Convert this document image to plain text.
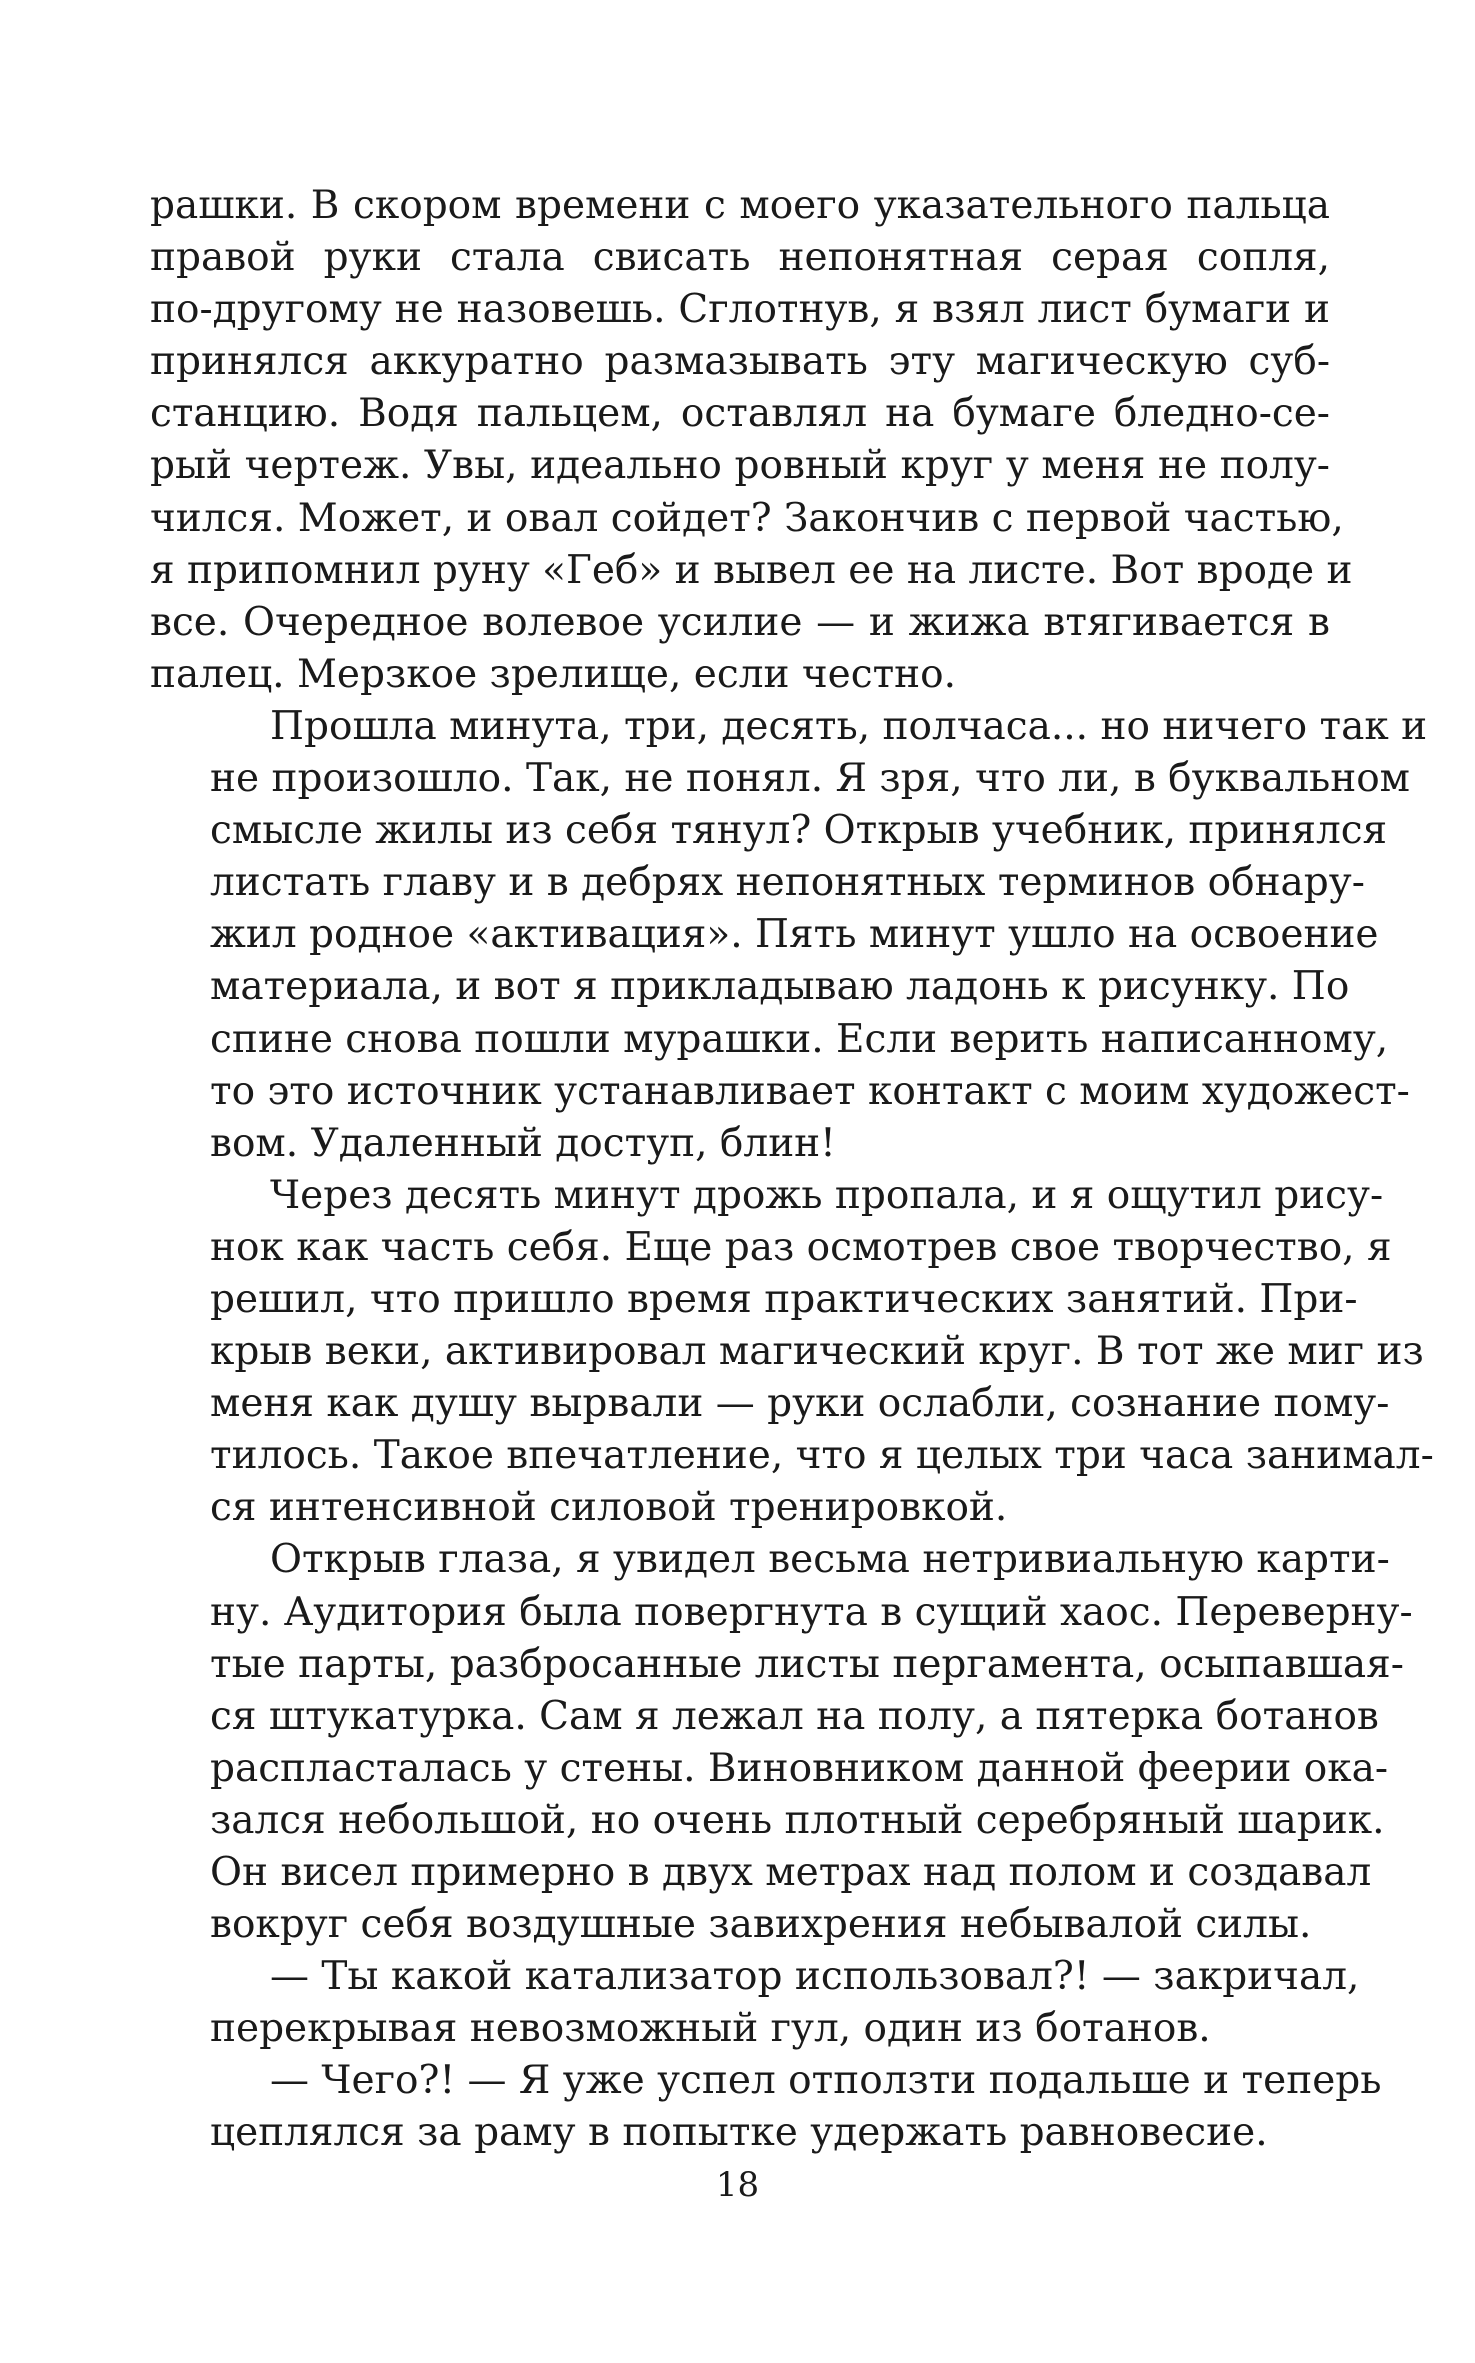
рашки. В скором времени с моего указательного пальца
правой руки стала свисать непонятная серая сопля,
по-другому не назовешь. Сглотнув, я взял лист бумаги и
принялся аккуратно размазывать эту магическую суб-
станцию. Водя пальцем, оставлял на бумаге бледно-се-
рый чертеж. Увы, идеально ровный круг у меня не полу-
чился. Может, и овал сойдет? Закончив с первой частью,
я припомнил руну «Геб» и вывел ее на листе. Вот вроде и
все. Очередное волевое усилие — и жижа втягивается в
палец. Мерзкое зрелище, если честно.
Прошла минута, три, десять, полчаса... но ничего так и
не произошло. Так, не понял. Я зря, что ли, в буквальном
смысле жилы из себя тянул? Открыв учебник, принялся
листать главу и в дебрях непонятных терминов обнару-
жил родное «активация». Пять минут ушло на освоение
материала, и вот я прикладываю ладонь к рисунку. По
спине снова пошли мурашки. Если верить написанному,
то это источник устанавливает контакт с моим художест-
вом. Удаленный доступ, блин!
Через десять минут дрожь пропала, и я ощутил рису-
нок как часть себя. Еще раз осмотрев свое творчество, я
решил, что пришло время практических занятий. При-
крыв веки, активировал магический круг. В тот же миг из
меня как душу вырвали — руки ослабли, сознание пому-
тилось. Такое впечатление, что я целых три часа занимал-
ся интенсивной силовой тренировкой.
Открыв глаза, я увидел весьма нетривиальную карти-
ну. Аудитория была повергнута в сущий хаос. Переверну-
тые парты, разбросанные листы пергамента, осыпавшая-
ся штукатурка. Сам я лежал на полу, а пятерка ботанов
распласталась у стены. Виновником данной феерии ока-
зался небольшой, но очень плотный серебряный шарик.
Он висел примерно в двух метрах над полом и создавал
вокруг себя воздушные завихрения небывалой силы.
— Ты какой катализатор использовал?! — закричал,
перекрывая невозможный гул, один из ботанов.
— Чего?! — Я уже успел отползти подальше и теперь
цеплялся за раму в попытке удержать равновесие.
18
